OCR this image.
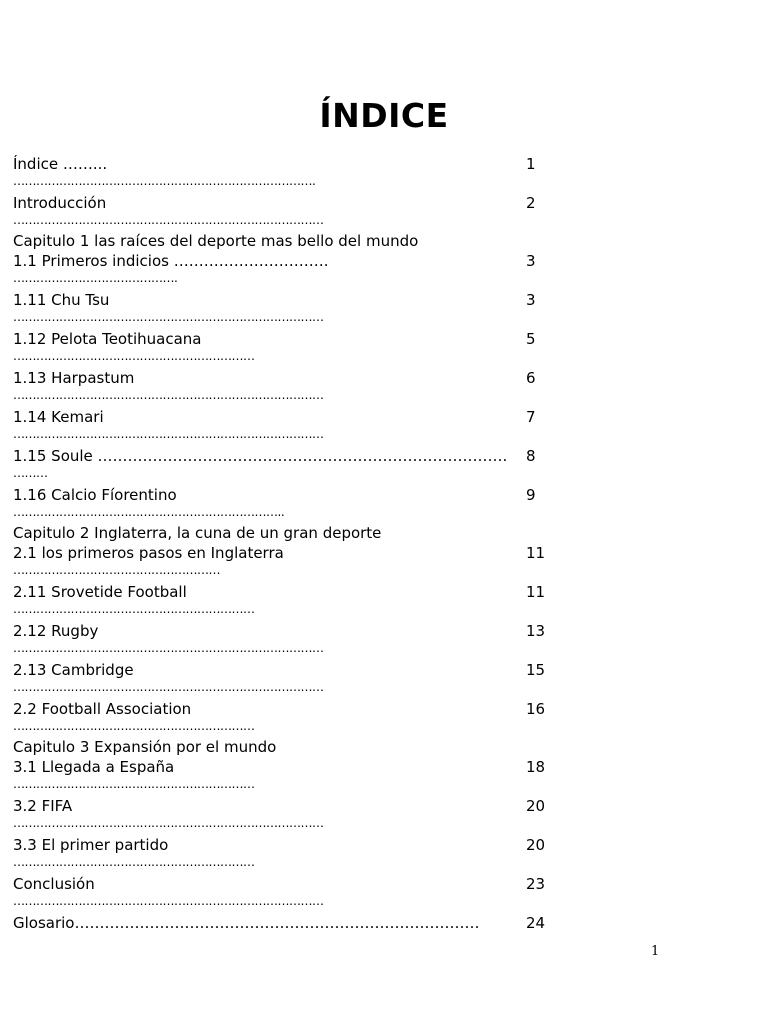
ÍNDICE
Índice ……...
…………………………………………………………………….
1
Introducción
………………………………………………………………………
2
Capitulo 1 las raíces del deporte mas bello del mundo
1.1 Primeros indicios ………………………….
…………………………………….
3
1.11 Chu Tsu
………………………………………………………………………
3
1.12 Pelota Teotihuacana
………………………………………………………
5
1.13 Harpastum
………………………………………………………………………
6
1.14 Kemari
………………………………………………………………………
7
1.15 Soule ……………………………………………………………………….
………
8
1.16 Calcio Fíorentino
……………………………………………………………..
9
Capitulo 2 Inglaterra, la cuna de un gran deporte
2.1 los primeros pasos en Inglaterra
………………………………………………
11
2.11 Srovetide Football
………………………………………………………
11
2.12 Rugby
………………………………………………………………………
13
2.13 Cambridge
………………………………………………………………………
15
2.2 Football Association
………………………………………………………
16
Capitulo 3 Expansión por el mundo
3.1 Llegada a España
………………………………………………………
18
3.2 FIFA
………………………………………………………………………
20
3.3 El primer partido
………………………………………………………
20
Conclusión
………………………………………………………………………
23
Glosario………………………………………………………………………	24
1
